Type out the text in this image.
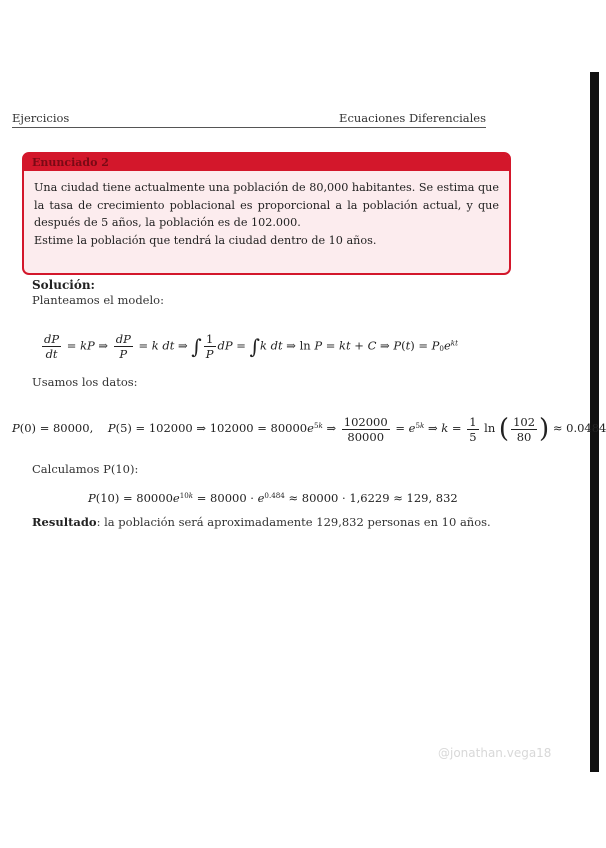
Ejercicios	Ecuaciones Diferenciales
Enunciado 2

Una ciudad tiene actualmente una población de 80,000 habitantes. Se estima que la tasa de crecimiento poblacional es proporcional a la población actual, y que después de 5 años, la población es de 102.000.

Estime la población que tendrá la ciudad dentro de 10 años.

Solución:
Planteamos el modelo:
$\frac{dP}{dt}$ = kP ⇒ $\frac{dP}{P} = k$ dt ⇒ ∫ $\frac{1}{P}$ dP = ∫k dt ⇒ ln P = kt + C ⇒ $P(t) = P_0e^{kt}$
Usamos los datos:
P(0) = 80000,    P(5) = 102000 ⇒ $102000 = 80000e^{5k}$ ⇒ $\frac{102000}{80000} = e^{5k}$ ⇒ $k = \frac{1}{5}$ ln ( $\frac{102}{80}$ ) ≈ 0.0484
Calculamos P(10):
$P(10) = 80000e^{10k} = 80000 \cdot e^{0.484} \approx 80000 \cdot 1,6229 \approx 129$, 832
Resultado: la población será aproximadamente 129,832 personas en 10 años.
@jonathan.vega18
